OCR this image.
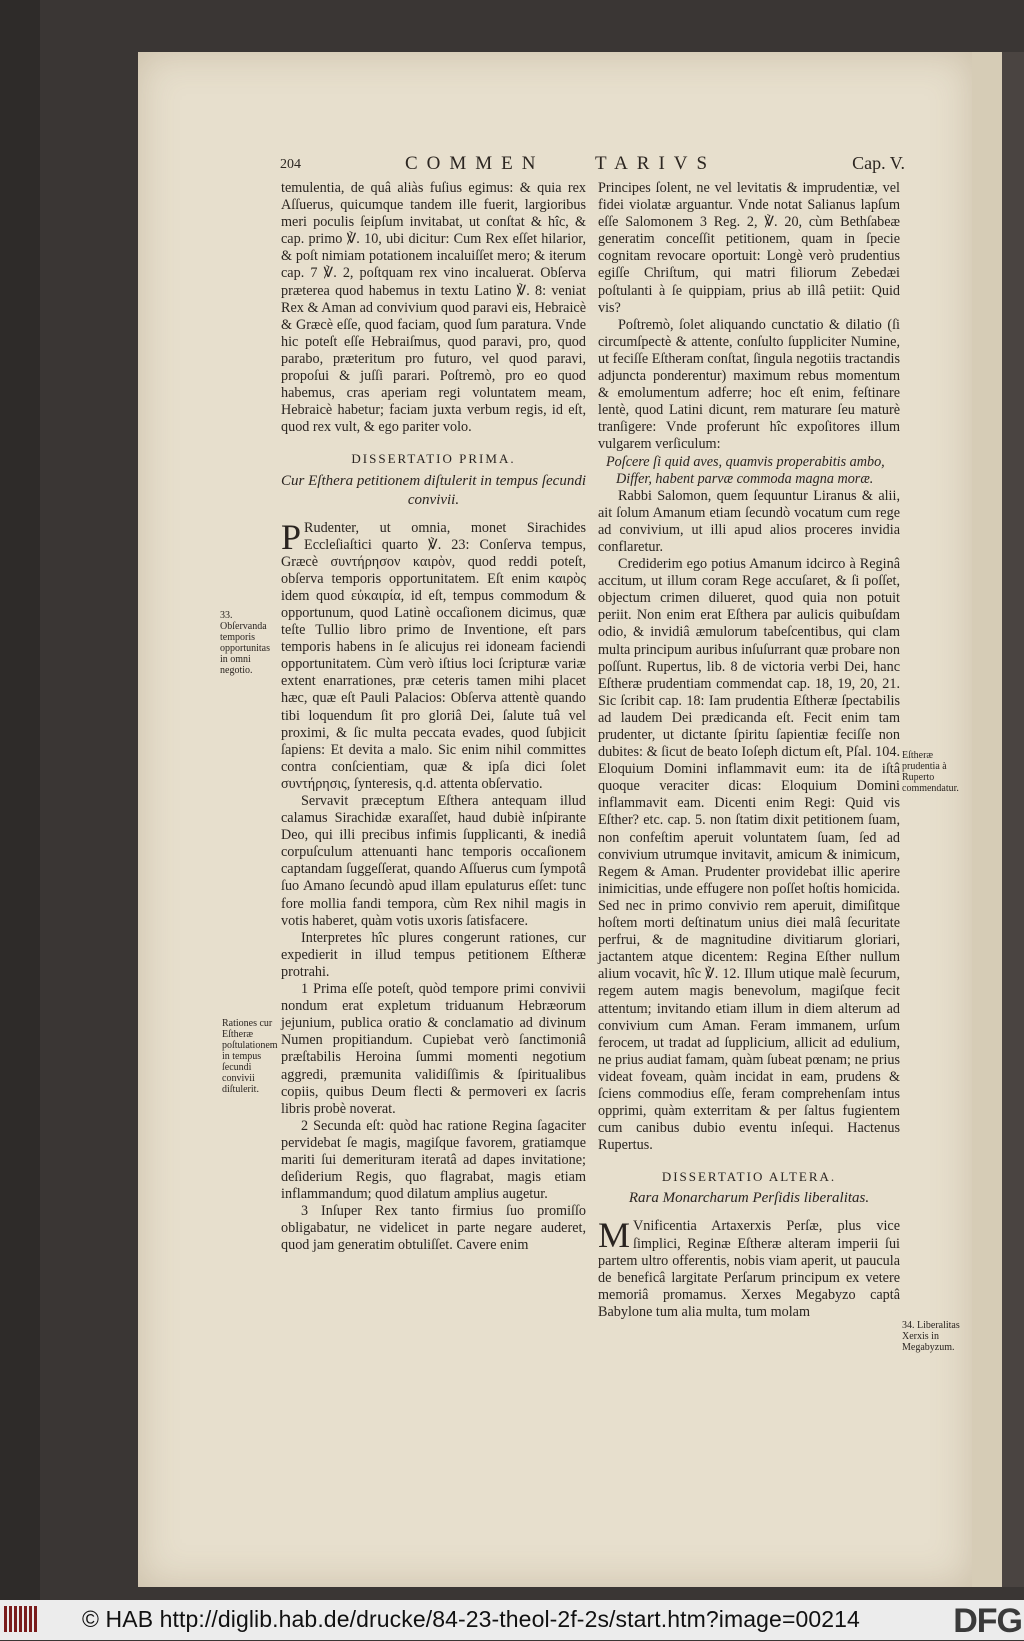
204	COMMEN	TARIVS	Cap. V.

temulentia, de quâ aliàs fuſius egimus: & quia rex Aſſuerus, quicumque tandem ille fuerit, largioribus meri poculis ſeipſum invitabat, ut conſtat & hîc, & cap. primo ℣. 10, ubi dicitur: Cum Rex eſſet hilarior, & poſt nimiam potationem incaluiſſet mero; & iterum cap. 7 ℣. 2, poſtquam rex vino incaluerat. Obſerva præterea quod habemus in textu Latino ℣. 8: veniat Rex & Aman ad convivium quod paravi eis, Hebraicè & Græcè eſſe, quod faciam, quod ſum paratura. Vnde hic poteſt eſſe Hebraiſmus, quod paravi, pro, quod parabo, præteritum pro futuro, vel quod paravi, propoſui & juſſi parari. Poſtremò, pro eo quod habemus, cras aperiam regi voluntatem meam, Hebraicè habetur; faciam juxta verbum regis, id eſt, quod rex vult, & ego pariter volo.

DISSERTATIO PRIMA.

Cur Eſthera petitionem diſtulerit in tempus ſecundi convivii.

P Rudenter, ut omnia, monet Sirachides Eccleſiaſtici quarto ℣. 23: Conſerva tempus, Græcè συντήρησον καιρὸν, quod reddi poteſt, obſerva temporis opportunitatem. Eſt enim καιρὸς idem quod εὐκαιρία, id eſt, tempus commodum & opportunum, quod Latinè occaſionem dicimus, quæ teſte Tullio libro primo de Inventione, eſt pars temporis habens in ſe alicujus rei idoneam faciendi opportunitatem. Cùm verò iſtius loci ſcripturæ variæ extent enarrationes, præ ceteris tamen mihi placet hæc, quæ eſt Pauli Palacios: Obſerva attentè quando tibi loquendum ſit pro gloriâ Dei, ſalute tuâ vel proximi, & ſic multa peccata evades, quod ſubjicit ſapiens: Et devita a malo. Sic enim nihil committes contra conſcientiam, quæ & ipſa dici ſolet συντήρησις, ſynteresis, q.d. attenta obſervatio.

Servavit præceptum Eſthera antequam illud calamus Sirachidæ exaraſſet, haud dubiè inſpirante Deo, qui illi precibus infimis ſupplicanti, & inediâ corpuſculum attenuanti hanc temporis occaſionem captandam ſuggeſſerat, quando Aſſuerus cum ſympotâ ſuo Amano ſecundò apud illam epulaturus eſſet: tunc fore mollia fandi tempora, cùm Rex nihil magis in votis haberet, quàm votis uxoris ſatisfacere.

Interpretes hîc plures congerunt rationes, cur expedierit in illud tempus petitionem Eſtheræ protrahi.

1 Prima eſſe poteſt, quòd tempore primi convivii nondum erat expletum triduanum Hebræorum jejunium, publica oratio & conclamatio ad divinum Numen propitiandum. Cupiebat verò ſanctimoniâ præſtabilis Heroina ſummi momenti negotium aggredi, præmunita validiſſimis & ſpiritualibus copiis, quibus Deum flecti & permoveri ex ſacris libris probè noverat.

2 Secunda eſt: quòd hac ratione Regina ſagaciter pervidebat ſe magis, magiſque favorem, gratiamque mariti ſui demerituram iteratâ ad dapes invitatione; deſiderium Regis, quo flagrabat, magis etiam inflammandum; quod dilatum amplius augetur.

3 Inſuper Rex tanto firmius ſuo promiſſo obligabatur, ne videlicet in parte negare auderet, quod jam generatim obtuliſſet. Cavere enim

Principes ſolent, ne vel levitatis & imprudentiæ, vel fidei violatæ arguantur. Vnde notat Salianus lapſum eſſe Salomonem 3 Reg. 2, ℣. 20, cùm Bethſabeæ generatim conceſſit petitionem, quam in ſpecie cognitam revocare oportuit: Longè verò prudentius egiſſe Chriſtum, qui matri filiorum Zebedæi poſtulanti à ſe quippiam, prius ab illâ petiit: Quid vis?

Poſtremò, ſolet aliquando cunctatio & dilatio (ſi circumſpectè & attente, conſulto ſuppliciter Numine, ut feciſſe Eſtheram conſtat, ſingula negotiis tractandis adjuncta ponderentur) maximum rebus momentum & emolumentum adferre; hoc eſt enim, feſtinare lentè, quod Latini dicunt, rem maturare ſeu maturè tranſigere: Vnde proferunt hîc expoſitores illum vulgarem verſiculum:

Poſcere ſi quid aves, quamvis properabitis ambo,

Differ, habent parvæ commoda magna moræ.

Rabbi Salomon, quem ſequuntur Liranus & alii, ait ſolum Amanum etiam ſecundò vocatum cum rege ad convivium, ut illi apud alios proceres invidia conflaretur.

Crediderim ego potius Amanum idcirco à Reginâ accitum, ut illum coram Rege accuſaret, & ſi poſſet, objectum crimen dilueret, quod quia non potuit periit. Non enim erat Eſthera par aulicis quibuſdam odio, & invidiâ æmulorum tabeſcentibus, qui clam multa principum auribus inſuſurrant quæ probare non poſſunt. Rupertus, lib. 8 de victoria verbi Dei, hanc Eſtheræ prudentiam commendat cap. 18, 19, 20, 21. Sic ſcribit cap. 18: Iam prudentia Eſtheræ ſpectabilis ad laudem Dei prædicanda eſt. Fecit enim tam prudenter, ut dictante ſpiritu ſapientiæ feciſſe non dubites: & ſicut de beato Ioſeph dictum eſt, Pſal. 104. Eloquium Domini inflammavit eum: ita de iſtâ quoque veraciter dicas: Eloquium Domini inflammavit eam. Dicenti enim Regi: Quid vis Eſther? etc. cap. 5. non ſtatim dixit petitionem ſuam, non confeſtim aperuit voluntatem ſuam, ſed ad convivium utrumque invitavit, amicum & inimicum, Regem & Aman. Prudenter providebat illic aperire inimicitias, unde effugere non poſſet hoſtis homicida. Sed nec in primo convivio rem aperuit, dimiſitque hoſtem morti deſtinatum unius diei malâ ſecuritate perfrui, & de magnitudine divitiarum gloriari, jactantem atque dicentem: Regina Eſther nullum alium vocavit, hîc ℣. 12. Illum utique malè ſecurum, regem autem magis benevolum, magiſque fecit attentum; invitando etiam illum in diem alterum ad convivium cum Aman. Feram immanem, urſum ferocem, ut tradat ad ſupplicium, allicit ad edulium, ne prius audiat famam, quàm ſubeat pœnam; ne prius videat foveam, quàm incidat in eam, prudens & ſciens commodius eſſe, feram comprehenſam intus opprimi, quàm exterritam & per ſaltus fugientem cum canibus dubio eventu inſequi. Hactenus Rupertus.

DISSERTATIO ALTERA.

Rara Monarcharum Perſidis liberalitas.

M Vnificentia Artaxerxis Perſæ, plus vice ſimplici, Reginæ Eſtheræ alteram imperii ſui partem ultro offerentis, nobis viam aperit, ut paucula de beneficâ largitate Perſarum principum ex vetere memoriâ promamus. Xerxes Megabyzo captâ Babylone tum alia multa, tum molam

33. Obſervanda temporis opportunitas in omni negotio.
Rationes cur Eſtheræ poſtulationem in tempus ſecundi convivii diſtulerit.
Eſtheræ prudentia à Ruperto commendatur.
34. Liberalitas Xerxis in Megabyzum.
© HAB http://diglib.hab.de/drucke/84-23-theol-2f-2s/start.htm?image=00214	DFG
